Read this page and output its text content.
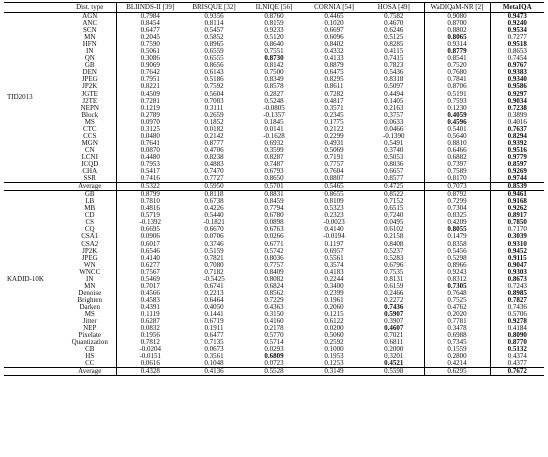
	Dist. type	BLIINDS-II [39]	BRISQUE [32]	ILNIQE [56]	CORNIA [54]	HOSA [49]	WaDIQaM-NR [2]	MetaIQA
TID2013	AGN	0.7984	0.9356	0.8760	0.4465	0.7582	0.9080	0.9473
	ANC	0.8454	0.8114	0.8159	0.1020	0.4670	0.8700	0.9240
	SCN	0.6477	0.5457	0.9233	0.6697	0.6246	0.8802	0.9534
	MN	0.2045	0.5852	0.5120	0.6096	0.5125	0.8065	0.7277
	HFN	0.7590	0.8965	0.8640	0.8402	0.8285	0.9314	0.9518
	IN	0.5061	0.6559	0.7551	0.4332	0.4115	0.8779	0.8653
	QN	0.3086	0.6555	0.8730	0.4133	0.7415	0.8541	0.7454
	GB	0.9069	0.8656	0.8142	0.8879	0.7823	0.7520	0.9767
	DEN	0.7642	0.6143	0.7500	0.6475	0.5436	0.7680	0.9383
	JPEG	0.7951	0.5186	0.8349	0.8295	0.8318	0.7841	0.9340
	JP2K	0.8221	0.7592	0.8578	0.8611	0.5097	0.8706	0.9586
	JGTE	0.4509	0.5604	0.2827	0.7282	0.4494	0.5191	0.9297
	J2TE	0.7281	0.7003	0.5248	0.4817	0.1405	0.7593	0.9034
	NEPN	0.1219	0.3111	-0.0805	0.3571	0.2163	0.1230	0.7238
	Block	0.2789	0.2659	-0.1357	0.2345	0.3757	0.4059	0.3899
	MS	0.0970	0.1852	0.1845	0.1775	0.0633	0.4596	0.4016
	CTC	0.3125	0.0182	0.0141	0.2122	0.0466	0.5401	0.7637
	CCS	0.0480	0.2142	-0.1628	0.2299	-0.1390	0.5640	0.8294
	MGN	0.7641	0.8777	0.6932	0.4931	0.5491	0.8810	0.9392
	CN	0.0870	0.4706	0.3599	0.5069	0.3740	0.6466	0.9516
	LCNI	0.4480	0.8238	0.8287	0.7191	0.5053	0.6882	0.9779
	ICQD	0.7953	0.4883	0.7487	0.7757	0.8036	0.7397	0.8597
	CHA	0.5417	0.7470	0.6793	0.7604	0.6657	0.7589	0.9269
	SSR	0.7416	0.7727	0.8650	0.8807	0.8577	0.8170	0.9744
	Average	0.5322	0.5950	0.5701	0.5465	0.4725	0.7073	0.8539
KADID-10K	GB	0.8799	0.8118	0.8831	0.8655	0.8522	0.8792	0.9461
	LB	0.7810	0.6738	0.8459	0.8109	0.7152	0.7299	0.9168
	MB	0.4816	0.4226	0.7794	0.5323	0.6515	0.7304	0.9262
	CD	0.5719	0.5440	0.6780	0.2323	0.7240	0.8325	0.8917
	CS	-0.1392	-0.1821	0.0898	-0.0023	0.0495	0.4209	0.7850
	CQ	0.6695	0.6670	0.6763	0.4140	0.6102	0.8055	0.7170
	CSA1	0.0906	0.0706	0.0266	-0.0194	0.2158	0.1479	0.3039
	CSA2	0.6017	0.3746	0.6771	0.1197	0.8408	0.8358	0.9310
	JP2K	0.6546	0.5159	0.5742	0.6957	0.5237	0.5456	0.9452
	JPEG	0.4140	0.7821	0.8036	0.5561	0.5283	0.5298	0.9115
	WN	0.6277	0.7080	0.7757	0.3574	0.6796	0.8966	0.9047
	WNCC	0.7567	0.7182	0.8409	0.4183	0.7535	0.9243	0.9303
	IN	0.5469	-0.5425	0.8082	0.2244	0.8131	0.8312	0.8673
	MN	0.7017	0.6741	0.6824	0.3400	0.6159	0.7305	0.7243
	Denoise	0.4566	0.2213	0.8562	0.2399	0.2466	0.7648	0.8985
	Brighten	0.4583	0.6464	0.7229	0.1961	0.2272	0.7525	0.7827
	Darken	0.4391	0.4050	0.4363	0.2060	0.7436	0.4762	0.7436
	MS	0.1119	0.1441	0.3150	0.1215	0.5907	0.2020	0.5706
	Jitter	0.6287	0.6719	0.4160	0.6122	0.3907	0.7781	0.9278
	NEP	0.0832	0.1911	0.2178	0.0200	0.4607	0.3478	0.4184
	Pixelate	0.1956	0.6477	0.5770	0.5060	0.7021	0.6988	0.8090
	Quantization	0.7812	0.7135	0.5714	0.2592	0.6811	0.7345	0.8770
	CB	-0.0204	0.0673	0.0293	0.1000	0.2000	0.1559	0.5132
	HS	-0.0151	0.3561	0.6809	0.1953	0.3201	0.2800	0.4374
	CC	0.0616	0.1048	0.0723	0.1253	0.4521	0.4214	0.4377
	Average	0.4328	0.4136	0.5528	0.3149	0.5598	0.6295	0.7672
